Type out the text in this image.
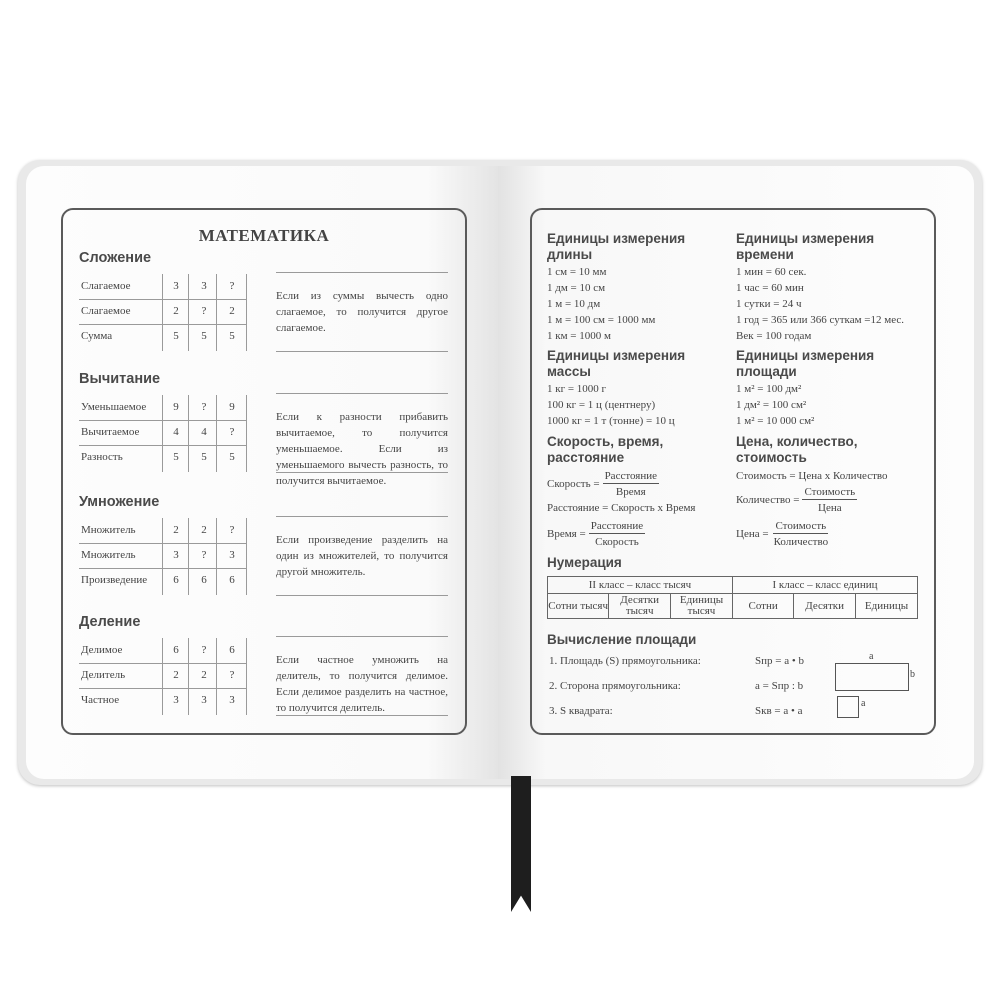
МАТЕМАТИКА
Сложение
Слагаемое	3	3	?
Слагаемое	2	?	2
Сумма	5	5	5
Если из суммы вычесть одно слагаемое, то получится другое слагаемое.
Вычитание
Уменьшаемое	9	?	9
Вычитаемое	4	4	?
Разность	5	5	5
Если к разности прибавить вычитаемое, то получится уменьшаемое. Если из уменьшаемого вычесть разность, то получится вычитаемое.
Умножение
Множитель	2	2	?
Множитель	3	?	3
Произведение	6	6	6
Если произведение разделить на один из множителей, то получится другой множитель.
Деление
Делимое	6	?	6
Делитель	2	2	?
Частное	3	3	3
Если частное умножить на делитель, то получится делимое. Если делимое разделить на частное, то получится делитель.
Единицы измерения длины
Единицы измерения времени
1 см = 10 мм
1 дм = 10 см
1 м = 10 дм
1 м = 100 см = 1000 мм
1 км = 1000 м
1 мин = 60 сек.
1 час = 60 мин
1 сутки = 24 ч
1 год = 365 или 366 суткам =12 мес.
Век = 100 годам
Единицы измерения массы
Единицы измерения площади
1 кг = 1000 г
100 кг = 1 ц (центнеру)
1000 кг = 1 т (тонне) = 10 ц
1 м² = 100 дм²
1 дм² = 100 см²
1 м² = 10 000 см²
Скорость, время, расстояние
Цена, количество, стоимость
Скорость =
Расстояние
Время
Расстояние = Скорость х Время
Время =
Расстояние
Скорость
Стоимость = Цена х Количество
Количество =
Стоимость
Цена
Цена =
Стоимость
Количество
Нумерация
II класс – класс тысяч			I класс – класс единиц		
Сотни тысяч	Десятки тысяч	Единицы тысяч	Сотни	Десятки	Единицы
Вычисление площади
1. Площадь (S) прямоугольника:	Sпр = a • b
2. Сторона прямоугольника:	a = Sпр : b
3. S квадрата:	Sкв = a • a
a
b
a
